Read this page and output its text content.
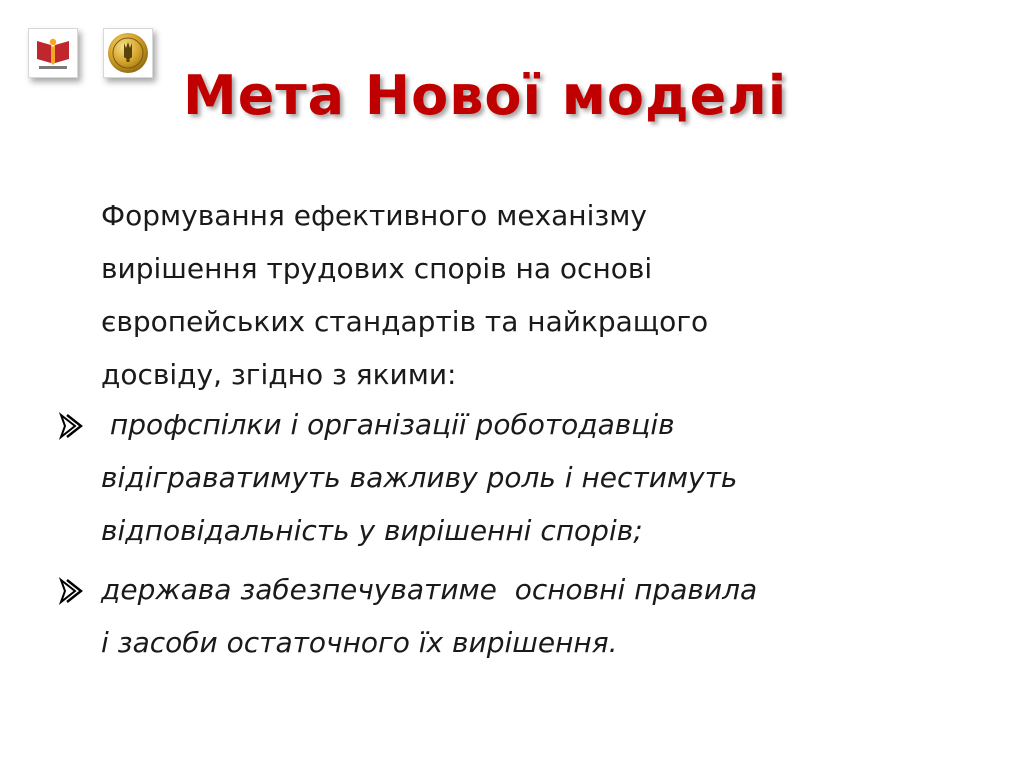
Мета Нової моделі

Формування ефективного механізму
вирішення трудових спорів на основі
європейських стандартів та найкращого
досвіду, згідно з якими:

профспілки і організації роботодавців
відіграватимуть важливу роль і нестимуть
відповідальність у вирішенні спорів;

держава забезпечуватиме  основні правила
і засоби остаточного їх вирішення.
